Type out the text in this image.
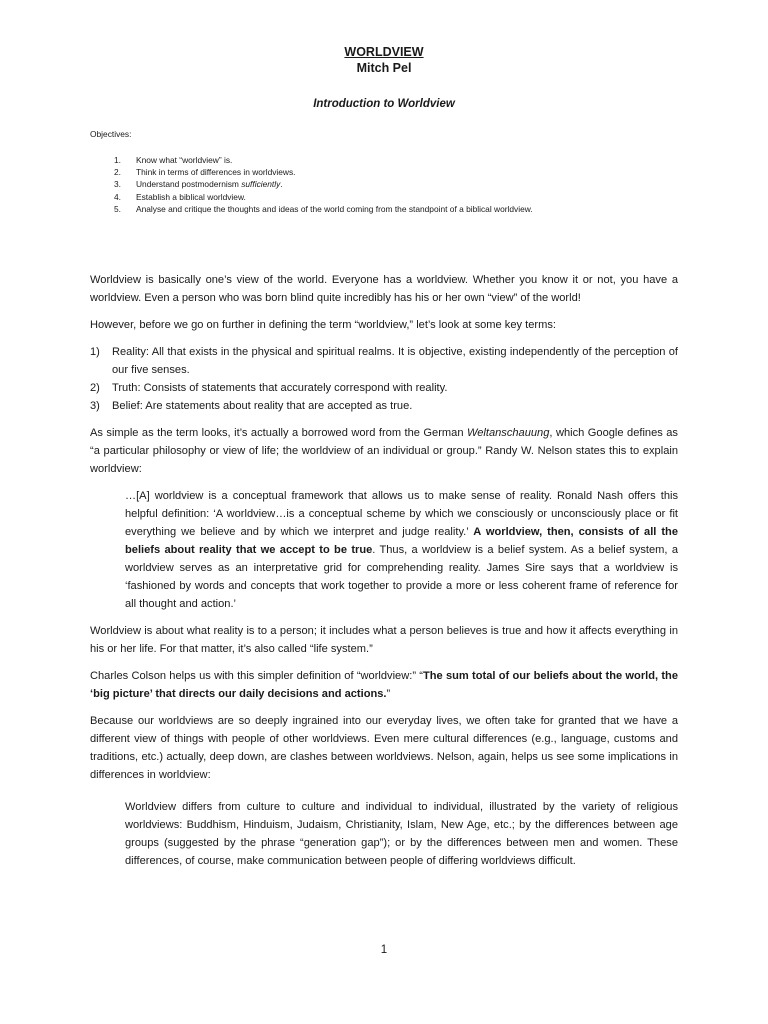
WORLDVIEW
Mitch Pel
Introduction to Worldview
Objectives:
1.	Know what “worldview” is.
2.	Think in terms of differences in worldviews.
3.	Understand postmodernism sufficiently.
4.	Establish a biblical worldview.
5.	Analyse and critique the thoughts and ideas of the world coming from the standpoint of a biblical worldview.

Worldview is basically one’s view of the world. Everyone has a worldview. Whether you know it or not, you have a worldview. Even a person who was born blind quite incredibly has his or her own “view” of the world!

However, before we go on further in defining the term “worldview,” let’s look at some key terms:

1)	Reality: All that exists in the physical and spiritual realms. It is objective, existing independently of the perception of our five senses.
2)	Truth: Consists of statements that accurately correspond with reality.
3)	Belief: Are statements about reality that are accepted as true.

As simple as the term looks, it’s actually a borrowed word from the German Weltanschauung, which Google defines as “a particular philosophy or view of life; the worldview of an individual or group.” Randy W. Nelson states this to explain worldview:

…[A] worldview is a conceptual framework that allows us to make sense of reality. Ronald Nash offers this helpful definition: ‘A worldview…is a conceptual scheme by which we consciously or unconsciously place or fit everything we believe and by which we interpret and judge reality.’ A worldview, then, consists of all the beliefs about reality that we accept to be true. Thus, a worldview is a belief system. As a belief system, a worldview serves as an interpretative grid for comprehending reality. James Sire says that a worldview is ‘fashioned by words and concepts that work together to provide a more or less coherent frame of reference for all thought and action.’

Worldview is about what reality is to a person; it includes what a person believes is true and how it affects everything in his or her life. For that matter, it’s also called “life system.”

Charles Colson helps us with this simpler definition of “worldview:” “The sum total of our beliefs about the world, the ‘big picture’ that directs our daily decisions and actions.”

Because our worldviews are so deeply ingrained into our everyday lives, we often take for granted that we have a different view of things with people of other worldviews. Even mere cultural differences (e.g., language, customs and traditions, etc.) actually, deep down, are clashes between worldviews. Nelson, again, helps us see some implications in differences in worldview:

Worldview differs from culture to culture and individual to individual, illustrated by the variety of religious worldviews: Buddhism, Hinduism, Judaism, Christianity, Islam, New Age, etc.; by the differences between age groups (suggested by the phrase “generation gap”); or by the differences between men and women. These differences, of course, make communication between people of differing worldviews difficult.
1
